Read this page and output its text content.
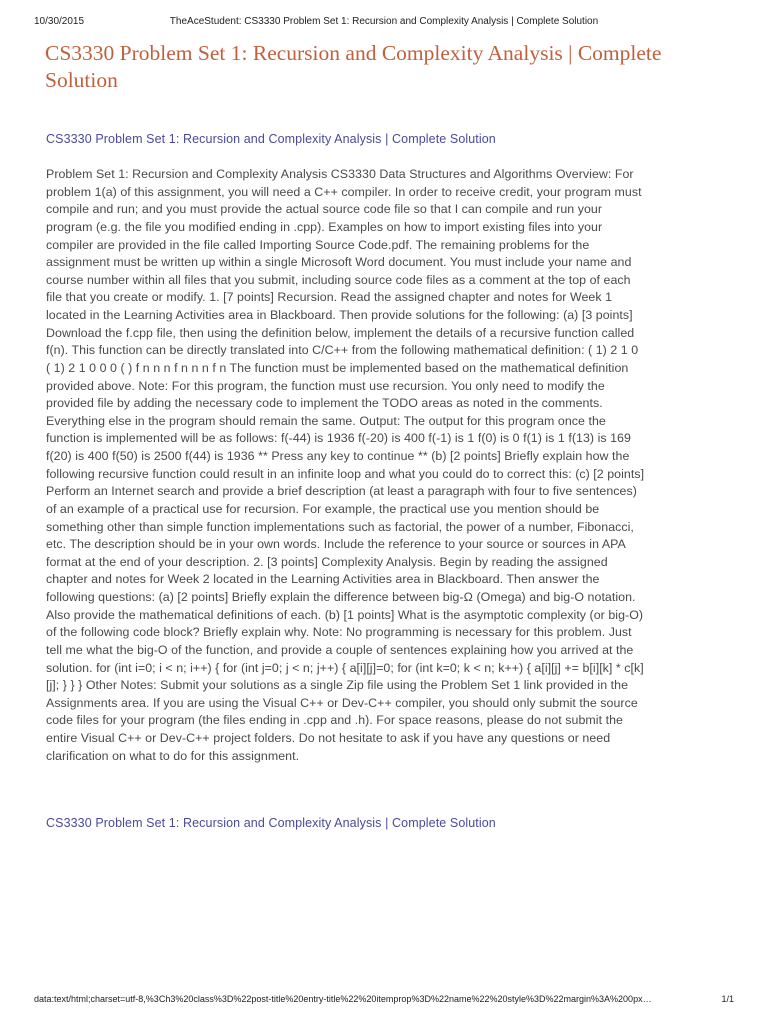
10/30/2015	TheAceStudent: CS3330 Problem Set 1: Recursion and Complexity Analysis | Complete Solution
CS3330 Problem Set 1: Recursion and Complexity Analysis | Complete Solution
CS3330 Problem Set 1: Recursion and Complexity Analysis | Complete Solution

Problem Set 1: Recursion and Complexity Analysis CS3330 Data Structures and Algorithms Overview: For problem 1(a) of this assignment, you will need a C++ compiler. In order to receive credit, your program must compile and run; and you must provide the actual source code file so that I can compile and run your program (e.g. the file you modified ending in .cpp). Examples on how to import existing files into your compiler are provided in the file called Importing Source Code.pdf. The remaining problems for the assignment must be written up within a single Microsoft Word document. You must include your name and course number within all files that you submit, including source code files as a comment at the top of each file that you create or modify. 1. [7 points] Recursion. Read the assigned chapter and notes for Week 1 located in the Learning Activities area in Blackboard. Then provide solutions for the following: (a) [3 points] Download the f.cpp file, then using the definition below, implement the details of a recursive function called f(n). This function can be directly translated into C/C++ from the following mathematical definition: ( 1) 2 1 0 ( 1) 2 1 0 0 0 ( ) f n n n f n n n f n The function must be implemented based on the mathematical definition provided above. Note: For this program, the function must use recursion. You only need to modify the provided file by adding the necessary code to implement the TODO areas as noted in the comments. Everything else in the program should remain the same. Output: The output for this program once the function is implemented will be as follows: f(-44) is 1936 f(-20) is 400 f(-1) is 1 f(0) is 0 f(1) is 1 f(13) is 169 f(20) is 400 f(50) is 2500 f(44) is 1936 ** Press any key to continue ** (b) [2 points] Briefly explain how the following recursive function could result in an infinite loop and what you could do to correct this: (c) [2 points] Perform an Internet search and provide a brief description (at least a paragraph with four to five sentences) of an example of a practical use for recursion. For example, the practical use you mention should be something other than simple function implementations such as factorial, the power of a number, Fibonacci, etc. The description should be in your own words. Include the reference to your source or sources in APA format at the end of your description. 2. [3 points] Complexity Analysis. Begin by reading the assigned chapter and notes for Week 2 located in the Learning Activities area in Blackboard. Then answer the following questions: (a) [2 points] Briefly explain the difference between big-Ω (Omega) and big-O notation. Also provide the mathematical definitions of each. (b) [1 points] What is the asymptotic complexity (or big-O) of the following code block? Briefly explain why. Note: No programming is necessary for this problem. Just tell me what the big-O of the function, and provide a couple of sentences explaining how you arrived at the solution. for (int i=0; i < n; i++) { for (int j=0; j < n; j++) { a[i][j]=0; for (int k=0; k < n; k++) { a[i][j] += b[i][k] * c[k][j]; } } } Other Notes: Submit your solutions as a single Zip file using the Problem Set 1 link provided in the Assignments area. If you are using the Visual C++ or Dev-C++ compiler, you should only submit the source code files for your program (the files ending in .cpp and .h). For space reasons, please do not submit the entire Visual C++ or Dev-C++ project folders. Do not hesitate to ask if you have any questions or need clarification on what to do for this assignment.

CS3330 Problem Set 1: Recursion and Complexity Analysis | Complete Solution
data:text/html;charset=utf-8,%3Ch3%20class%3D%22post-title%20entry-title%22%20itemprop%3D%22name%22%20style%3D%22margin%3A%200px…	1/1
